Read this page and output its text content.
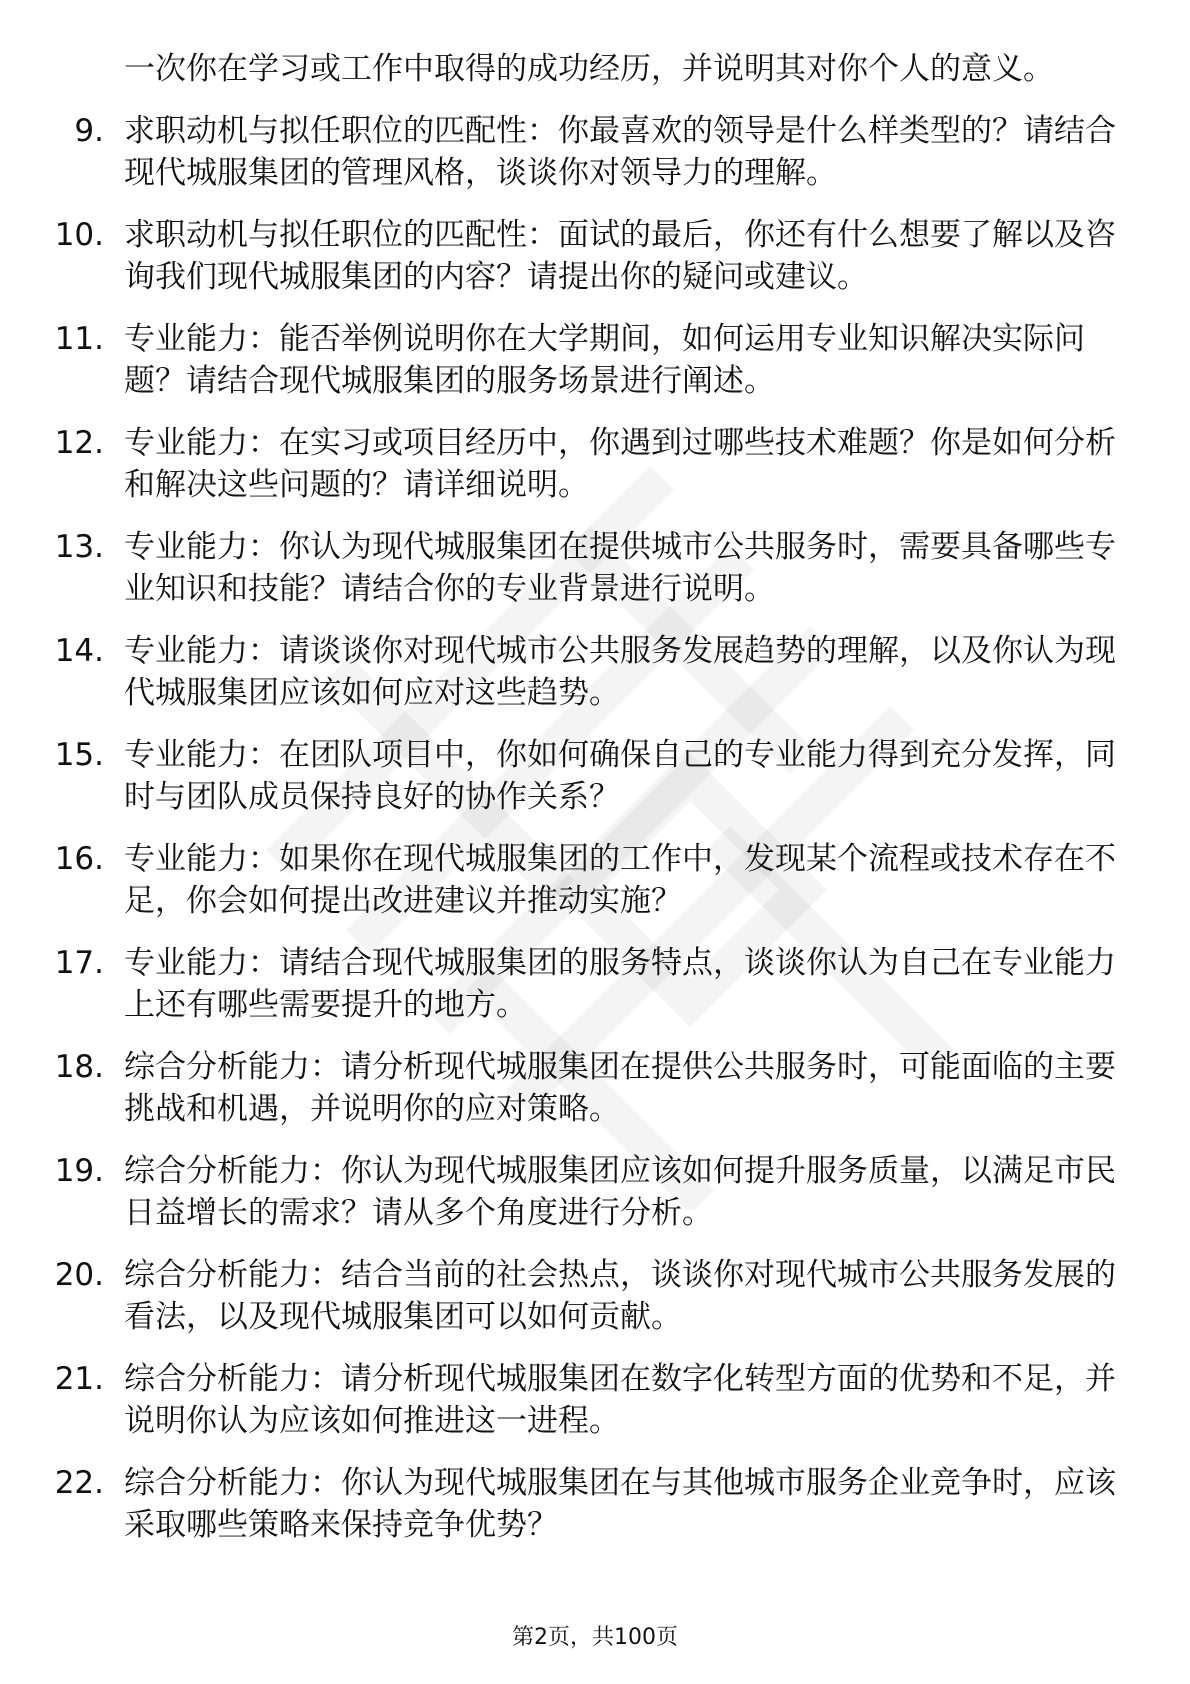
一次你在学习或工作中取得的成功经历，并说明其对你个人的意义。

9. 求职动机与拟任职位的匹配性：你最喜欢的领导是什么样类型的？请结合现代城服集团的管理风格，谈谈你对领导力的理解。
10. 求职动机与拟任职位的匹配性：面试的最后，你还有什么想要了解以及咨询我们现代城服集团的内容？请提出你的疑问或建议。
11. 专业能力：能否举例说明你在大学期间，如何运用专业知识解决实际问题？请结合现代城服集团的服务场景进行阐述。
12. 专业能力：在实习或项目经历中，你遇到过哪些技术难题？你是如何分析和解决这些问题的？请详细说明。
13. 专业能力：你认为现代城服集团在提供城市公共服务时，需要具备哪些专业知识和技能？请结合你的专业背景进行说明。
14. 专业能力：请谈谈你对现代城市公共服务发展趋势的理解，以及你认为现代城服集团应该如何应对这些趋势。
15. 专业能力：在团队项目中，你如何确保自己的专业能力得到充分发挥，同时与团队成员保持良好的协作关系？
16. 专业能力：如果你在现代城服集团的工作中，发现某个流程或技术存在不足，你会如何提出改进建议并推动实施？
17. 专业能力：请结合现代城服集团的服务特点，谈谈你认为自己在专业能力上还有哪些需要提升的地方。
18. 综合分析能力：请分析现代城服集团在提供公共服务时，可能面临的主要挑战和机遇，并说明你的应对策略。
19. 综合分析能力：你认为现代城服集团应该如何提升服务质量，以满足市民日益增长的需求？请从多个角度进行分析。
20. 综合分析能力：结合当前的社会热点，谈谈你对现代城市公共服务发展的看法，以及现代城服集团可以如何贡献。
21. 综合分析能力：请分析现代城服集团在数字化转型方面的优势和不足，并说明你认为应该如何推进这一进程。
22. 综合分析能力：你认为现代城服集团在与其他城市服务企业竞争时，应该采取哪些策略来保持竞争优势？
第2页，共100页
